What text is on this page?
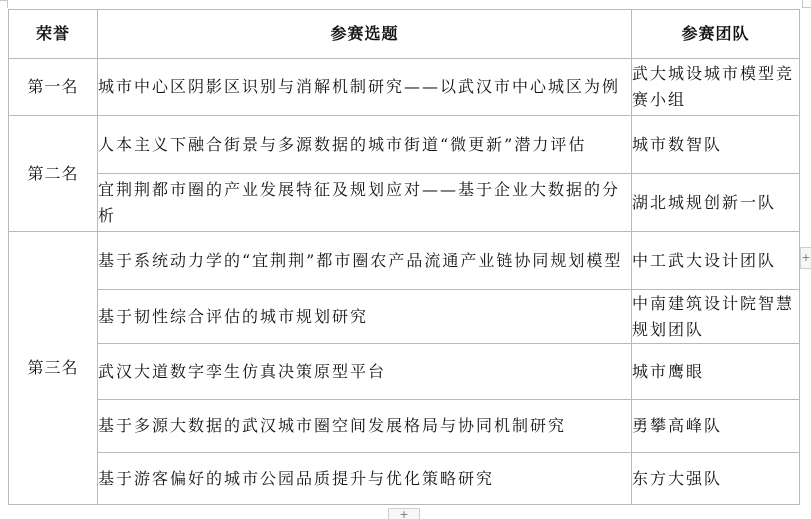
荣誉	参赛选题	参赛团队
第一名	城市中心区阴影区识别与消解机制研究——以武汉市中心城区为例	武大城设城市模型竞赛小组
第二名	人本主义下融合街景与多源数据的城市街道“微更新”潜力评估	城市数智队
	宜荆荆都市圈的产业发展特征及规划应对——基于企业大数据的分析	湖北城规创新一队
第三名	基于系统动力学的“宜荆荆”都市圈农产品流通产业链协同规划模型	中工武大设计团队
	基于韧性综合评估的城市规划研究	中南建筑设计院智慧规划团队
	武汉大道数字孪生仿真决策原型平台	城市鹰眼
	基于多源大数据的武汉城市圈空间发展格局与协同机制研究	勇攀高峰队
	基于游客偏好的城市公园品质提升与优化策略研究	东方大强队
+
+
